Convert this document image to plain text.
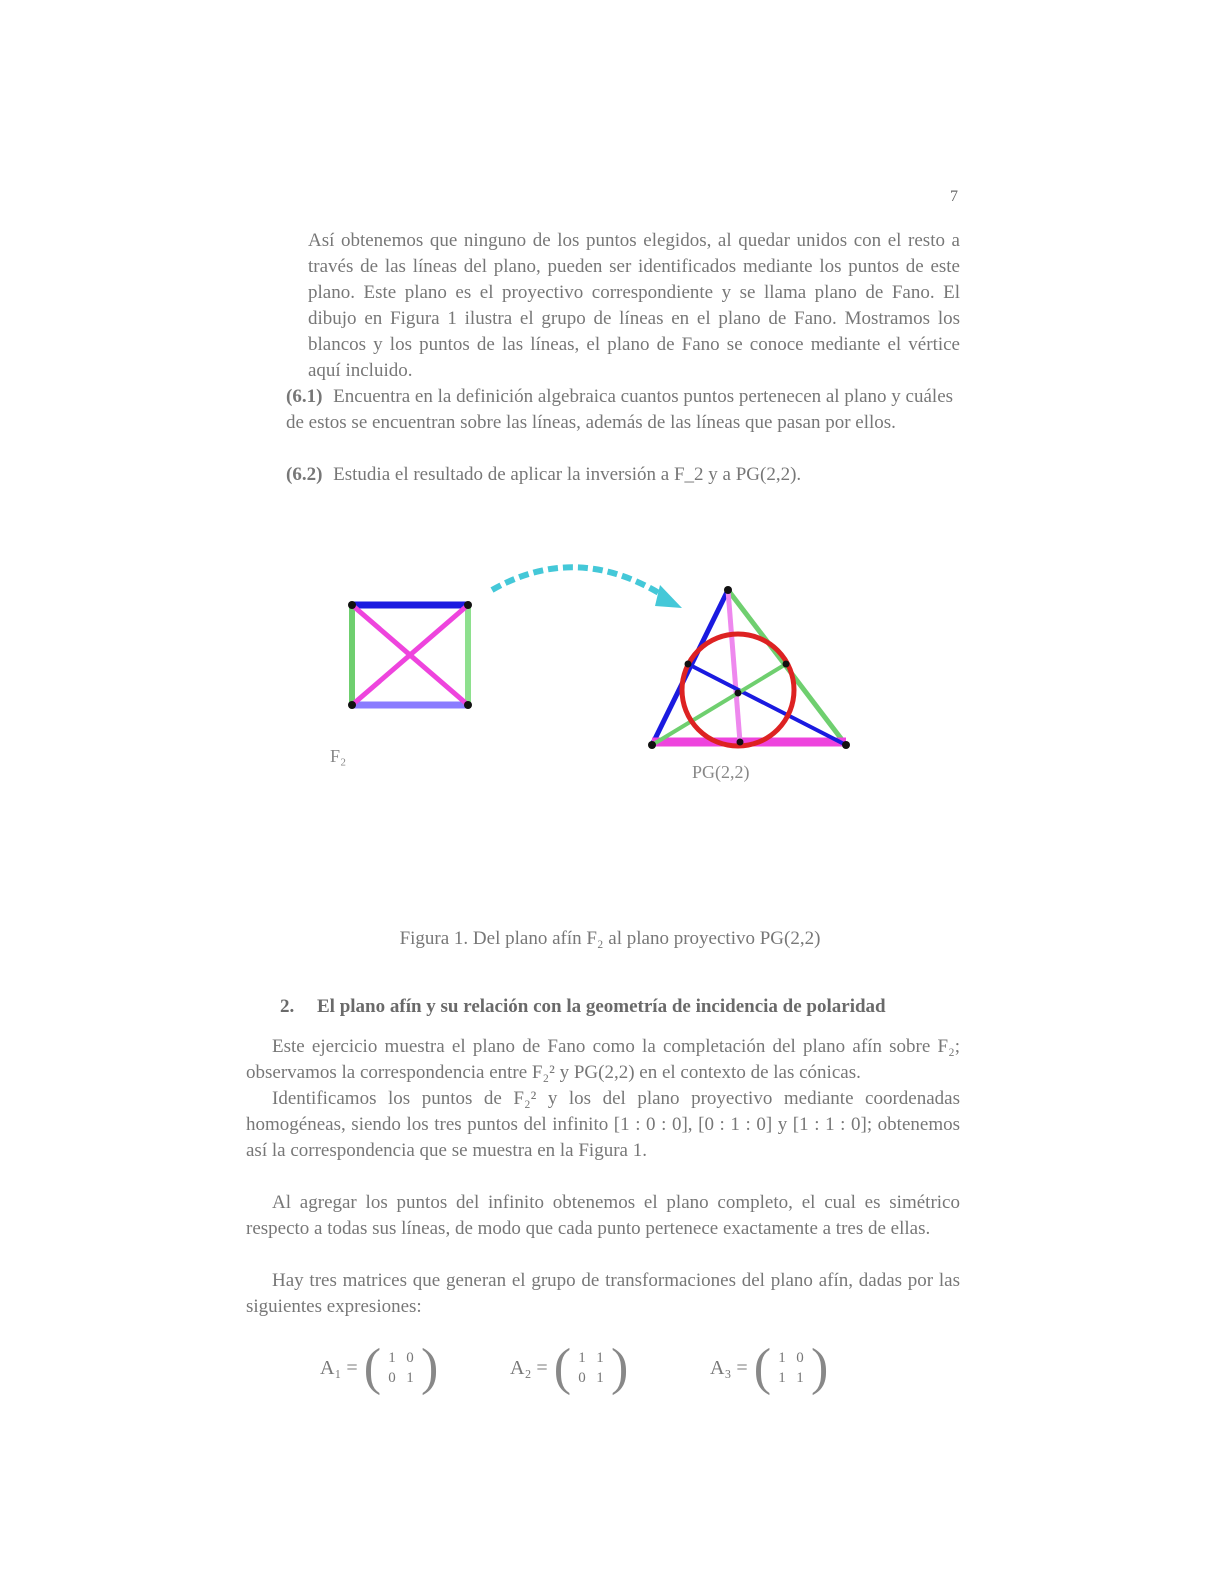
7

Así obtenemos que ninguno de los puntos elegidos, al quedar unidos con el resto a través de las líneas del plano, pueden ser identificados mediante los puntos de este plano. Este plano es el proyectivo correspondiente y se llama plano de Fano. El dibujo en Figura 1 ilustra el grupo de líneas en el plano de Fano. Mostramos los blancos y los puntos de las líneas, el plano de Fano se conoce mediante el vértice aquí incluido.

(6.1) Encuentra en la definición algebraica cuantos puntos pertenecen al plano y cuáles de estos se encuentran sobre las líneas, además de las líneas que pasan por ellos.
(6.2) Estudia el resultado de aplicar la inversión a F_2 y a PG(2,2).
F₂
PG(2,2)
Figura 1. Del plano afín F₂ al plano proyectivo PG(2,2)
2. El plano afín y su relación con la geometría de incidencia de polaridad

Este ejercicio muestra el plano de Fano como la completación del plano afín sobre F₂; observamos la correspondencia entre F₂² y PG(2,2) en el contexto de las cónicas.

Identificamos los puntos de F₂² y los del plano proyectivo mediante coordenadas homogéneas, siendo los tres puntos del infinito [1 : 0 : 0], [0 : 1 : 0] y [1 : 1 : 0]; obtenemos así la correspondencia que se muestra en la Figura 1.

Al agregar los puntos del infinito obtenemos el plano completo, el cual es simétrico respecto a todas sus líneas, de modo que cada punto pertenece exactamente a tres de ellas.

Hay tres matrices que generan el grupo de transformaciones del plano afín, dadas por las siguientes expresiones:

A₁ = ( 1 0
0 1 )	A₂ = ( 1 1
0 1 )	A₃ = ( 1 0
1 1 )
